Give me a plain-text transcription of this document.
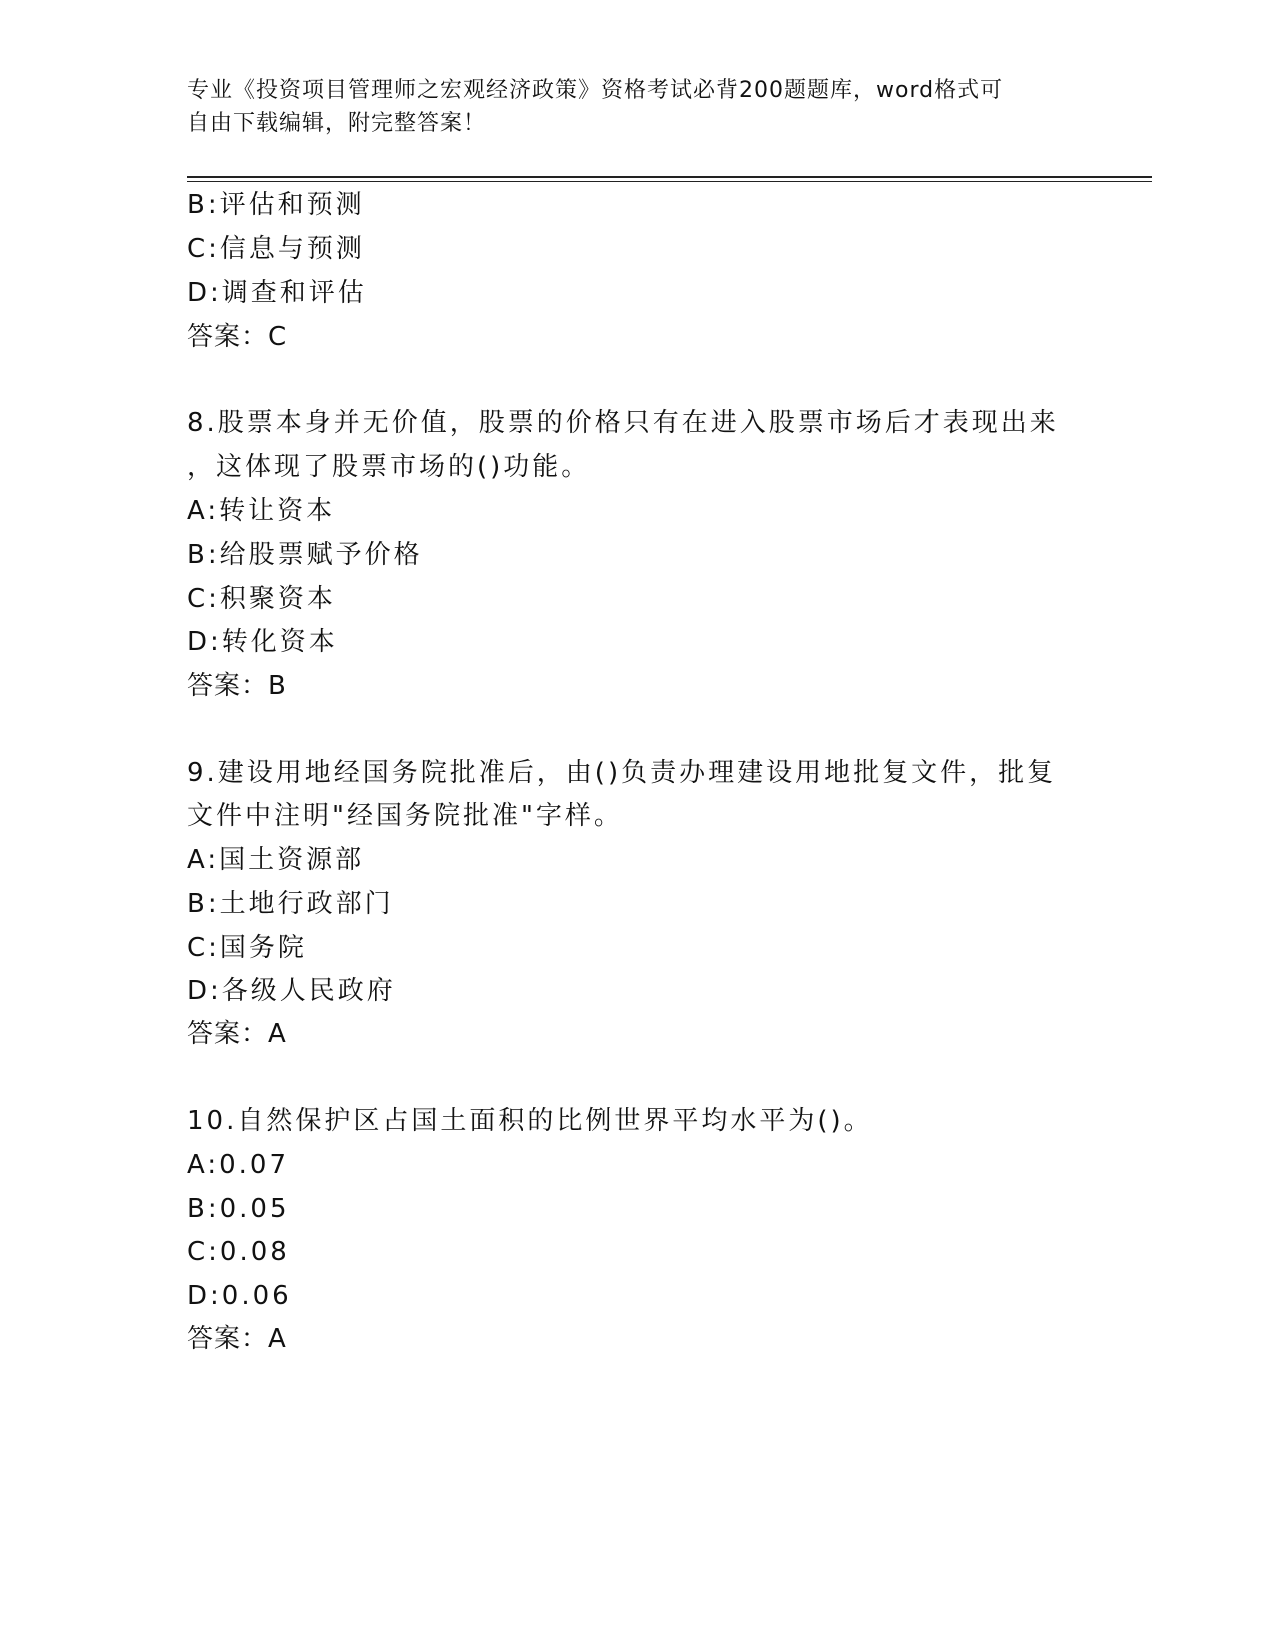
专业《投资项目管理师之宏观经济政策》资格考试必背200题题库，word格式可
自由下载编辑，附完整答案！
B:评估和预测
C:信息与预测
D:调查和评估
答案：C
8.股票本身并无价值，股票的价格只有在进入股票市场后才表现出来
，这体现了股票市场的()功能。
A:转让资本
B:给股票赋予价格
C:积聚资本
D:转化资本
答案：B
9.建设用地经国务院批准后，由()负责办理建设用地批复文件，批复
文件中注明"经国务院批准"字样。
A:国土资源部
B:土地行政部门
C:国务院
D:各级人民政府
答案：A
10.自然保护区占国土面积的比例世界平均水平为()。
A:0.07
B:0.05
C:0.08
D:0.06
答案：A
